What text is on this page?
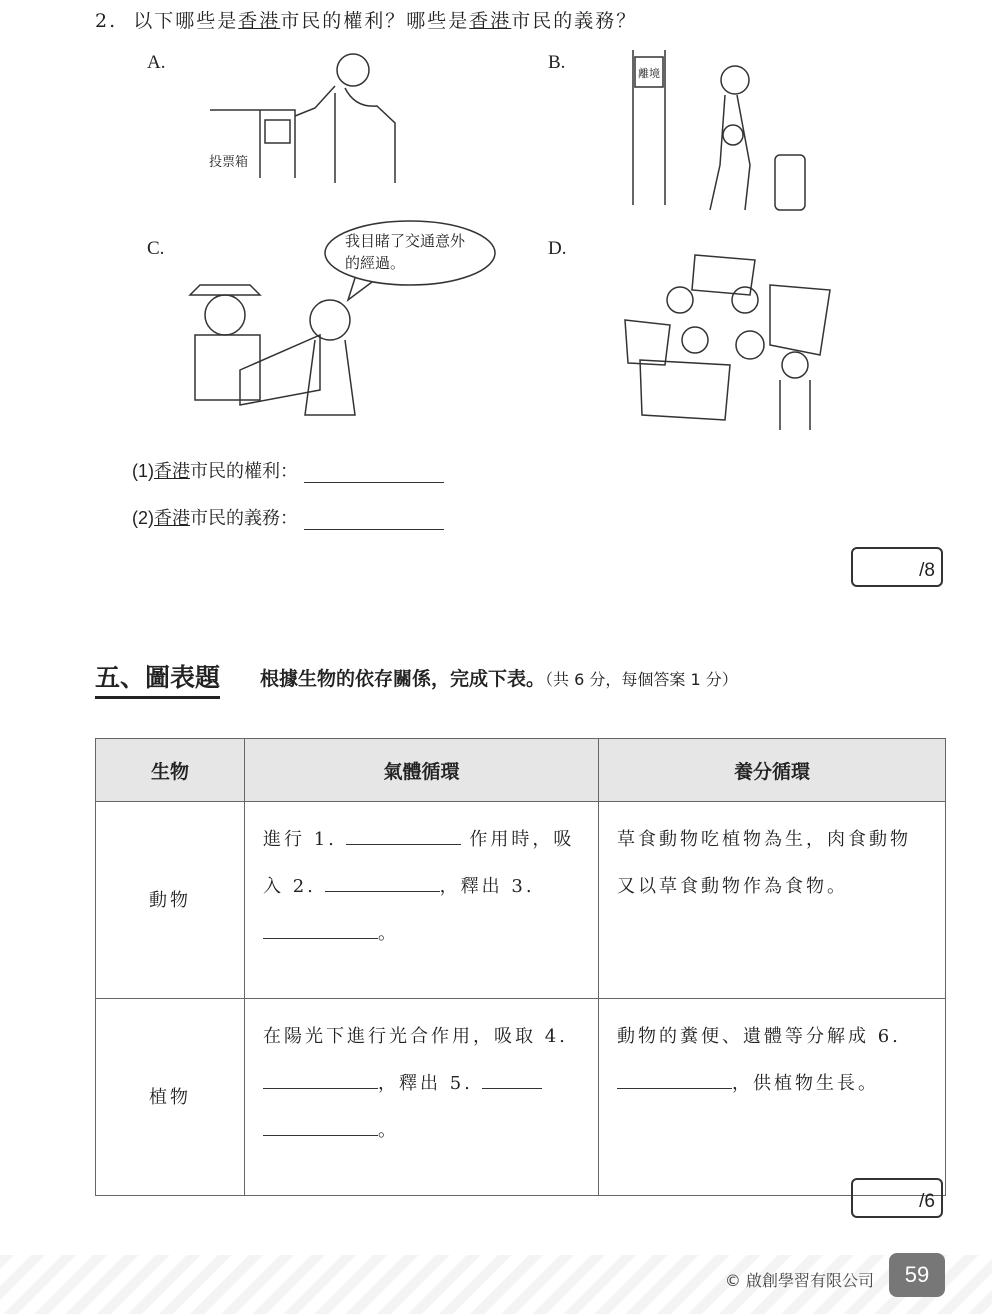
2. 以下哪些是香港市民的權利？哪些是香港市民的義務？
A.
投票箱
B.
離境
C.	我目睹了交通意外的經過。
D.
(1)香港市民的權利：
(2)香港市民的義務：
/8
五、圖表題 根據生物的依存關係，完成下表。（共 6 分，每個答案 1 分）
生物	氣體循環	養分循環
動物	進行 1. 作用時，吸入 2. ，釋出 3. 。	草食動物吃植物為生，肉食動物又以草食動物作為食物。
植物	在陽光下進行光合作用，吸取 4. ，釋出 5.  。	動物的糞便、遺體等分解成 6. ，供植物生長。
/6
© 啟創學習有限公司	59
